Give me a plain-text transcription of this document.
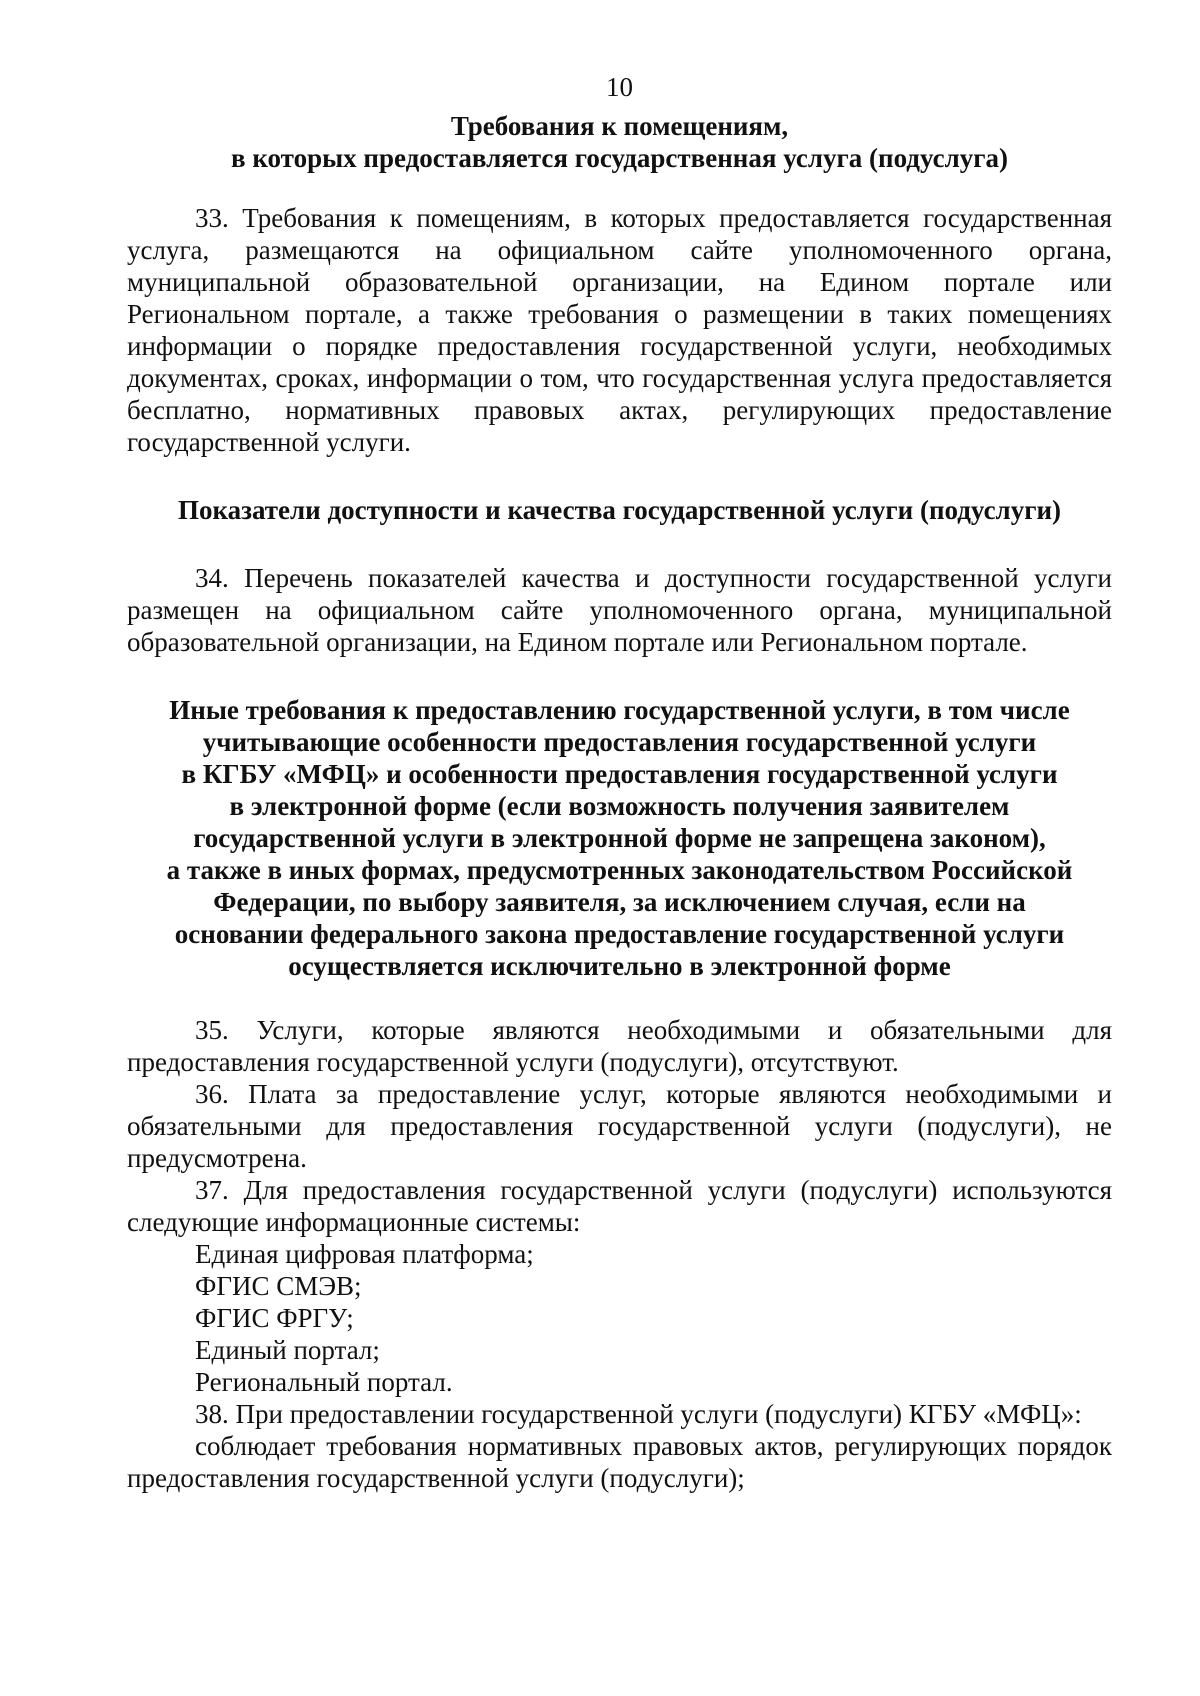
10
Требования к помещениям,
в которых предоставляется государственная услуга (подуслуга)

33. Требования к помещениям, в которых предоставляется государственная услуга, размещаются на официальном сайте уполномоченного органа, муниципальной образовательной организации, на Едином портале или Региональном портале, а также требования о размещении в таких помещениях информации о порядке предоставления государственной услуги, необходимых документах, сроках, информации о том, что государственная услуга предоставляется бесплатно, нормативных правовых актах, регулирующих предоставление государственной услуги.

Показатели доступности и качества государственной услуги (подуслуги)

34. Перечень показателей качества и доступности государственной услуги размещен на официальном сайте уполномоченного органа, муниципальной образовательной организации, на Едином портале или Региональном портале.

Иные требования к предоставлению государственной услуги, в том числе
учитывающие особенности предоставления государственной услуги
в КГБУ «МФЦ» и особенности предоставления государственной услуги
в электронной форме (если возможность получения заявителем
государственной услуги в электронной форме не запрещена законом),
а также в иных формах, предусмотренных законодательством Российской
Федерации, по выбору заявителя, за исключением случая, если на
основании федерального закона предоставление государственной услуги
осуществляется исключительно в электронной форме

35. Услуги, которые являются необходимыми и обязательными для предоставления государственной услуги (подуслуги), отсутствуют.

36. Плата за предоставление услуг, которые являются необходимыми и обязательными для предоставления государственной услуги (подуслуги), не предусмотрена.

37. Для предоставления государственной услуги (подуслуги) используются следующие информационные системы:

Единая цифровая платформа;

ФГИС СМЭВ;

ФГИС ФРГУ;

Единый портал;

Региональный портал.

38. При предоставлении государственной услуги (подуслуги) КГБУ «МФЦ»:

соблюдает требования нормативных правовых актов, регулирующих порядок предоставления государственной услуги (подуслуги);
